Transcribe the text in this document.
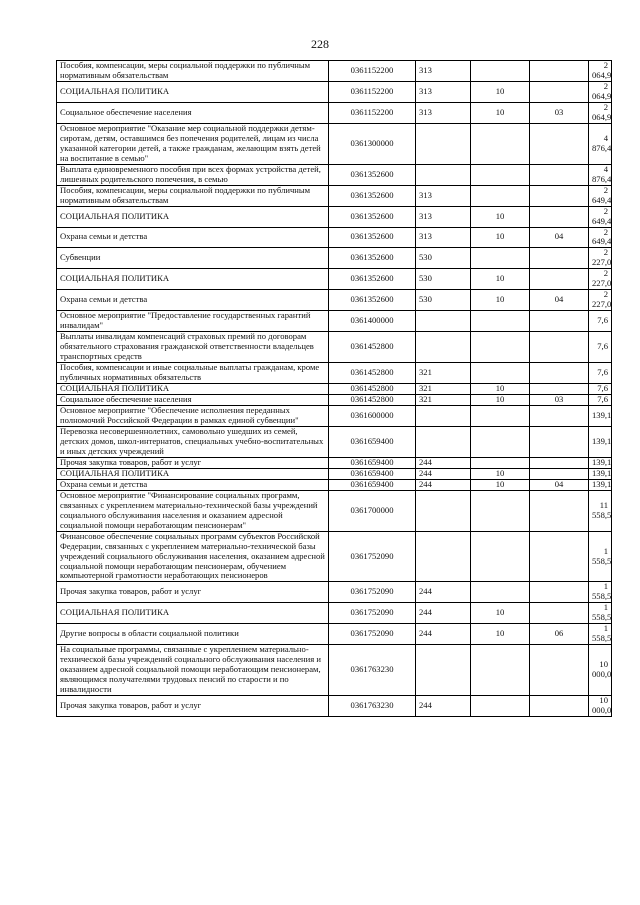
228
Пособия, компенсации, меры социальной поддержки по публичным нормативным обязательствам	0361152200	313			2 064,9
СОЦИАЛЬНАЯ ПОЛИТИКА	0361152200	313	10		2 064,9
Социальное обеспечение населения	0361152200	313	10	03	2 064,9
Основное мероприятие "Оказание мер социальной поддержки детям-сиротам, детям, оставшимся без попечения родителей, лицам из числа указанной категории детей, а также гражданам, желающим взять детей на воспитание в семью"	0361300000				4 876,4
Выплата единовременного пособия при всех формах устройства детей, лишенных родительского попечения, в семью	0361352600				4 876,4
Пособия, компенсации, меры социальной поддержки по публичным нормативным обязательствам	0361352600	313			2 649,4
СОЦИАЛЬНАЯ ПОЛИТИКА	0361352600	313	10		2 649,4
Охрана семьи и детства	0361352600	313	10	04	2 649,4
Субвенции	0361352600	530			2 227,0
СОЦИАЛЬНАЯ ПОЛИТИКА	0361352600	530	10		2 227,0
Охрана семьи и детства	0361352600	530	10	04	2 227,0
Основное мероприятие "Предоставление государственных гарантий инвалидам"	0361400000				7,6
Выплаты инвалидам компенсаций страховых премий по договорам обязательного страхования гражданской ответственности владельцев транспортных средств	0361452800				7,6
Пособия, компенсации и иные социальные выплаты гражданам, кроме публичных нормативных обязательств	0361452800	321			7,6
СОЦИАЛЬНАЯ ПОЛИТИКА	0361452800	321	10		7,6
Социальное обеспечение населения	0361452800	321	10	03	7,6
Основное мероприятие "Обеспечение исполнения переданных полномочий Российской Федерации в рамках единой субвенции"	0361600000				139,1
Перевозка несовершеннолетних, самовольно ушедших из семей, детских домов, школ-интернатов, специальных учебно-воспитательных и иных детских учреждений	0361659400				139,1
Прочая закупка товаров, работ и услуг	0361659400	244			139,1
СОЦИАЛЬНАЯ ПОЛИТИКА	0361659400	244	10		139,1
Охрана семьи и детства	0361659400	244	10	04	139,1
Основное мероприятие "Финансирование социальных программ, связанных с укреплением материально-технической базы учреждений социального обслуживания населения и оказанием адресной социальной помощи неработающим пенсионерам"	0361700000				11 558,5
Финансовое обеспечение социальных программ субъектов Российской Федерации, связанных с укреплением материально-технической базы учреждений социального обслуживания населения, оказанием адресной социальной помощи неработающим пенсионерам, обучением компьютерной грамотности неработающих пенсионеров	0361752090				1 558,5
Прочая закупка товаров, работ и услуг	0361752090	244			1 558,5
СОЦИАЛЬНАЯ ПОЛИТИКА	0361752090	244	10		1 558,5
Другие вопросы в области социальной политики	0361752090	244	10	06	1 558,5
На социальные программы, связанные с укреплением материально-технической базы учреждений социального обслуживания населения и оказанием адресной социальной помощи неработающим пенсионерам, являющимся получателями трудовых пенсий по старости и по инвалидности	0361763230				10 000,0
Прочая закупка товаров, работ и услуг	0361763230	244			10 000,0
